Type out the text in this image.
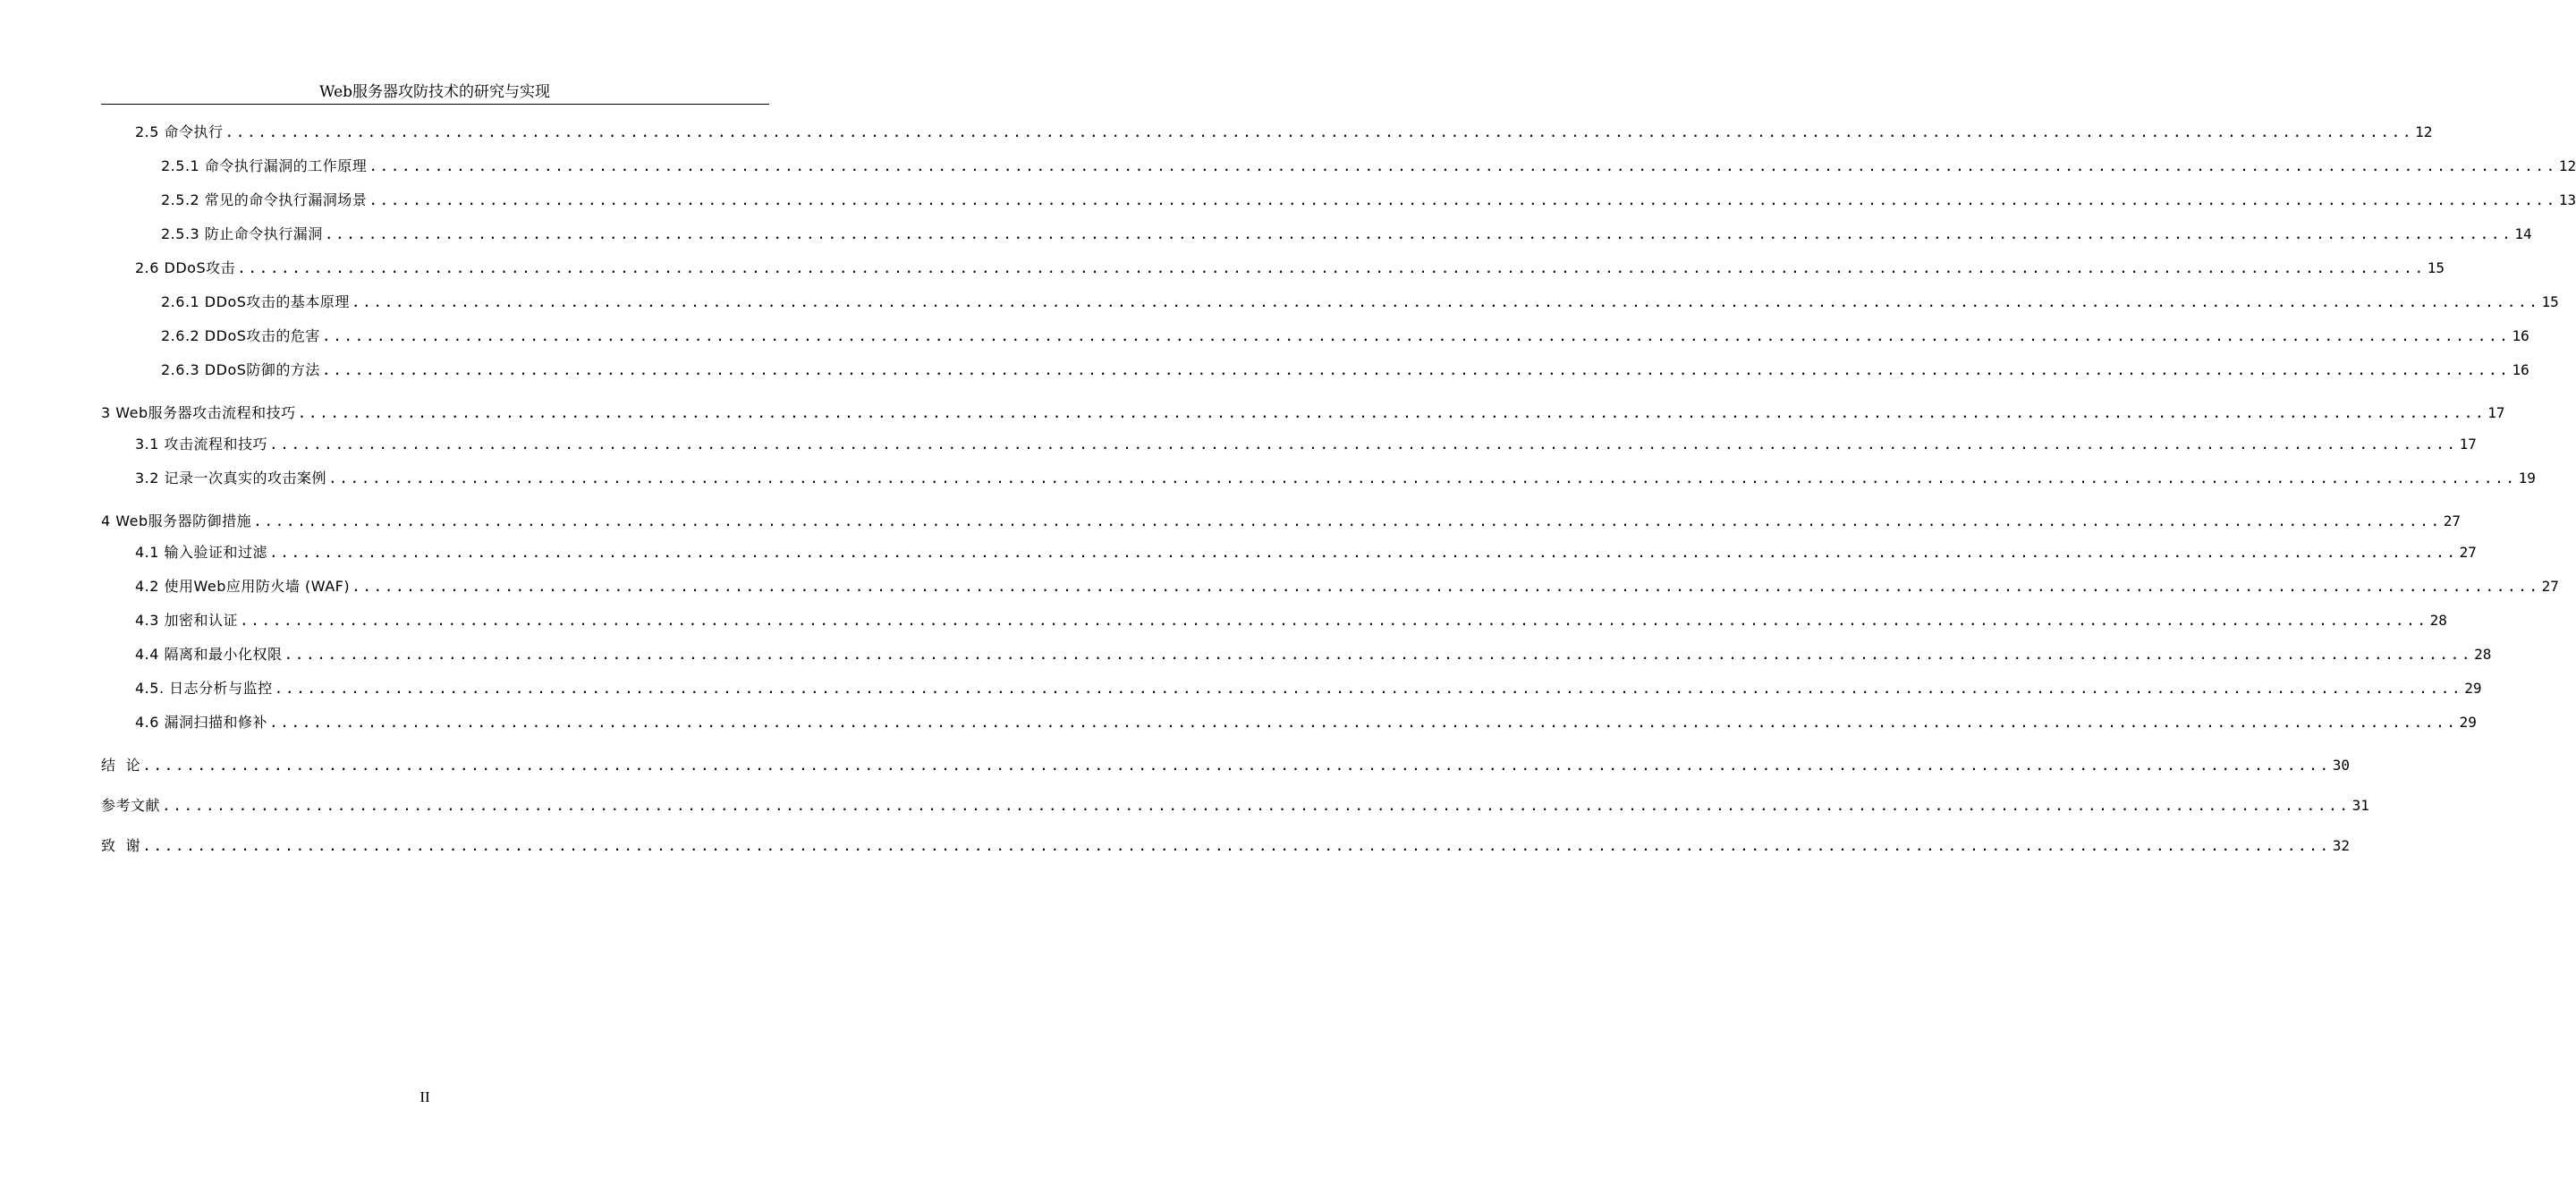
Web服务器攻防技术的研究与实现
2.5 命令执行 ........................................................................................................................................................................................................ 12
2.5.1 命令执行漏洞的工作原理 ........................................................................................................................................................................................................ 12
2.5.2 常见的命令执行漏洞场景 ........................................................................................................................................................................................................ 13
2.5.3 防止命令执行漏洞 ........................................................................................................................................................................................................ 14
2.6 DDoS攻击 ........................................................................................................................................................................................................ 15
2.6.1 DDoS攻击的基本原理 ........................................................................................................................................................................................................ 15
2.6.2 DDoS攻击的危害 ........................................................................................................................................................................................................ 16
2.6.3 DDoS防御的方法 ........................................................................................................................................................................................................ 16
3 Web服务器攻击流程和技巧 ........................................................................................................................................................................................................ 17
3.1 攻击流程和技巧 ........................................................................................................................................................................................................ 17
3.2 记录一次真实的攻击案例 ........................................................................................................................................................................................................ 19
4 Web服务器防御措施 ........................................................................................................................................................................................................ 27
4.1 输入验证和过滤 ........................................................................................................................................................................................................ 27
4.2 使用Web应用防火墙 (WAF) ........................................................................................................................................................................................................ 27
4.3 加密和认证 ........................................................................................................................................................................................................ 28
4.4 隔离和最小化权限 ........................................................................................................................................................................................................ 28
4.5. 日志分析与监控 ........................................................................................................................................................................................................ 29
4.6 漏洞扫描和修补 ........................................................................................................................................................................................................ 29
结  论 ........................................................................................................................................................................................................ 30
参考文献 ........................................................................................................................................................................................................ 31
致  谢 ........................................................................................................................................................................................................ 32
II
